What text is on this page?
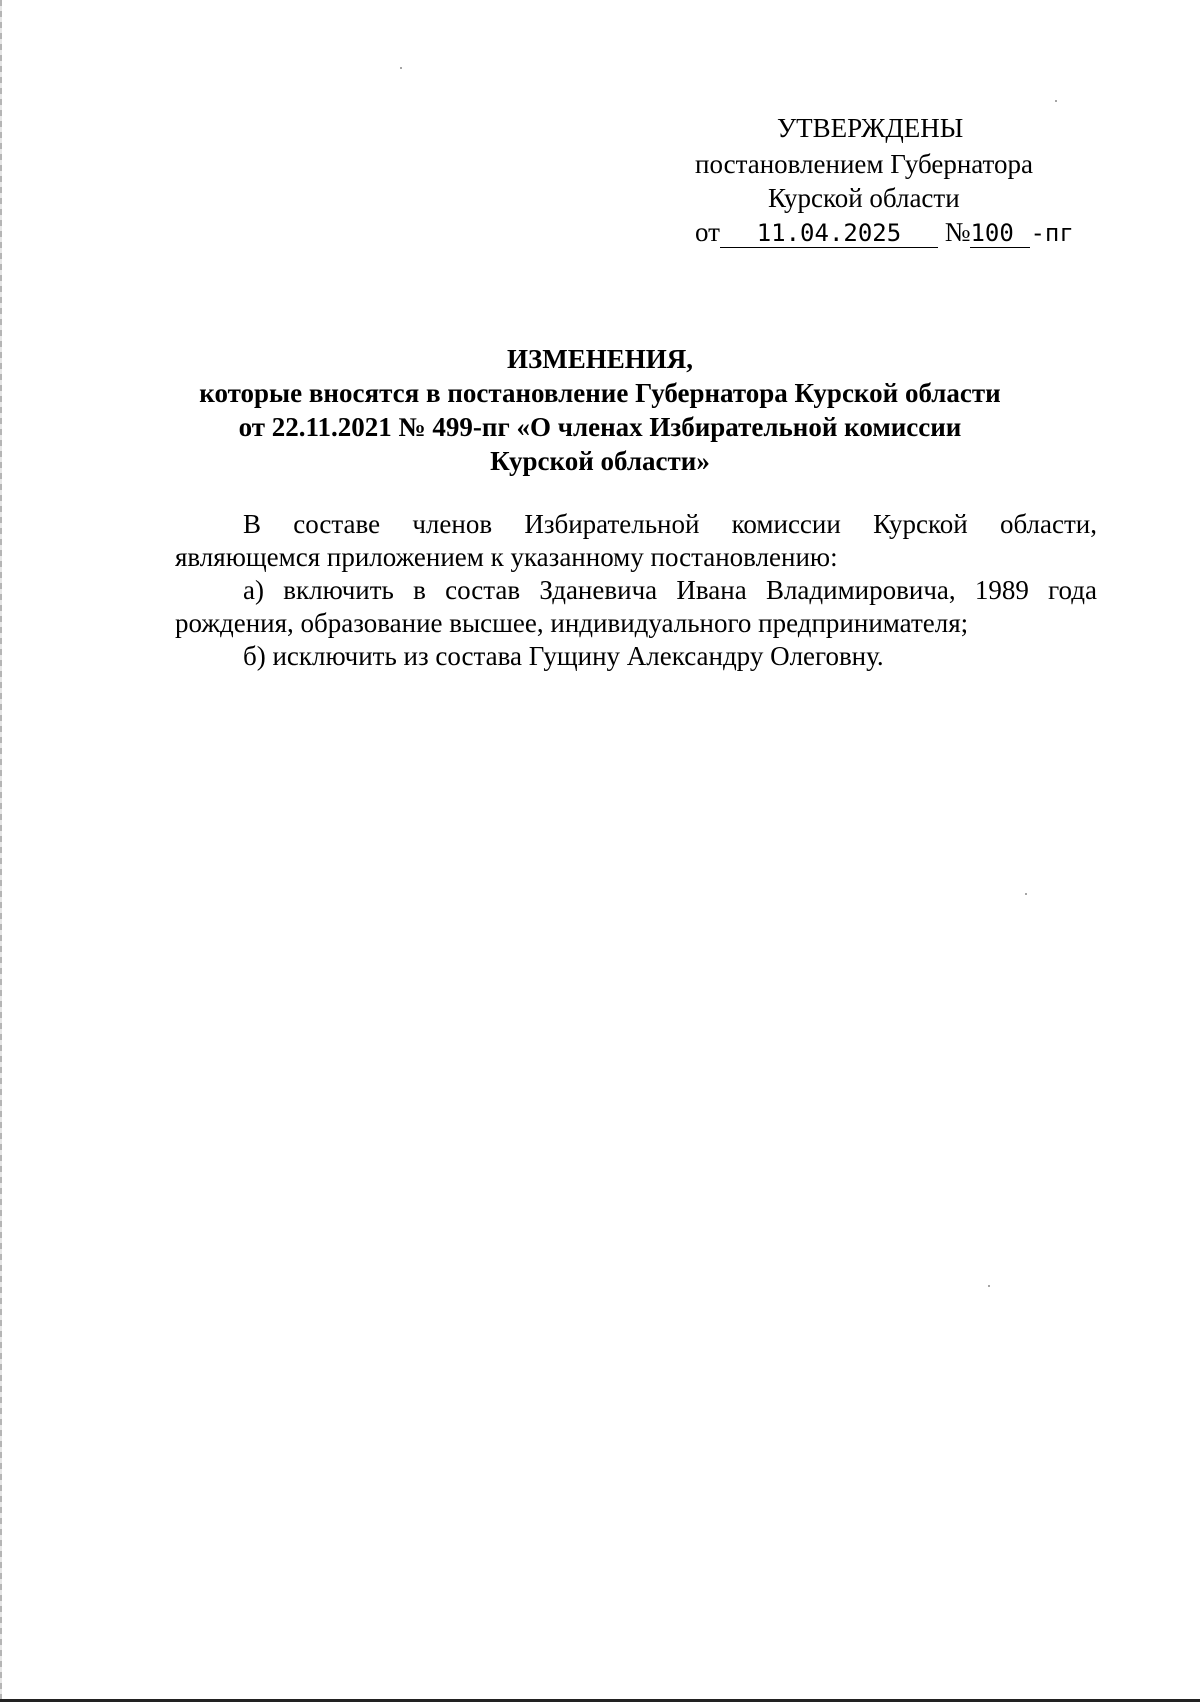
УТВЕРЖДЕНЫ
постановлением Губернатора
Курской области
от 11.04.2025 №100 -пг
ИЗМЕНЕНИЯ,
которые вносятся в постановление Губернатора Курской области
от 22.11.2021 № 499-пг «О членах Избирательной комиссии
Курской области»
В составе членов Избирательной комиссии Курской области,
являющемся приложением к указанному постановлению:
а) включить в состав Зданевича Ивана Владимировича, 1989 года
рождения, образование высшее, индивидуального предпринимателя;
б) исключить из состава Гущину Александру Олеговну.
